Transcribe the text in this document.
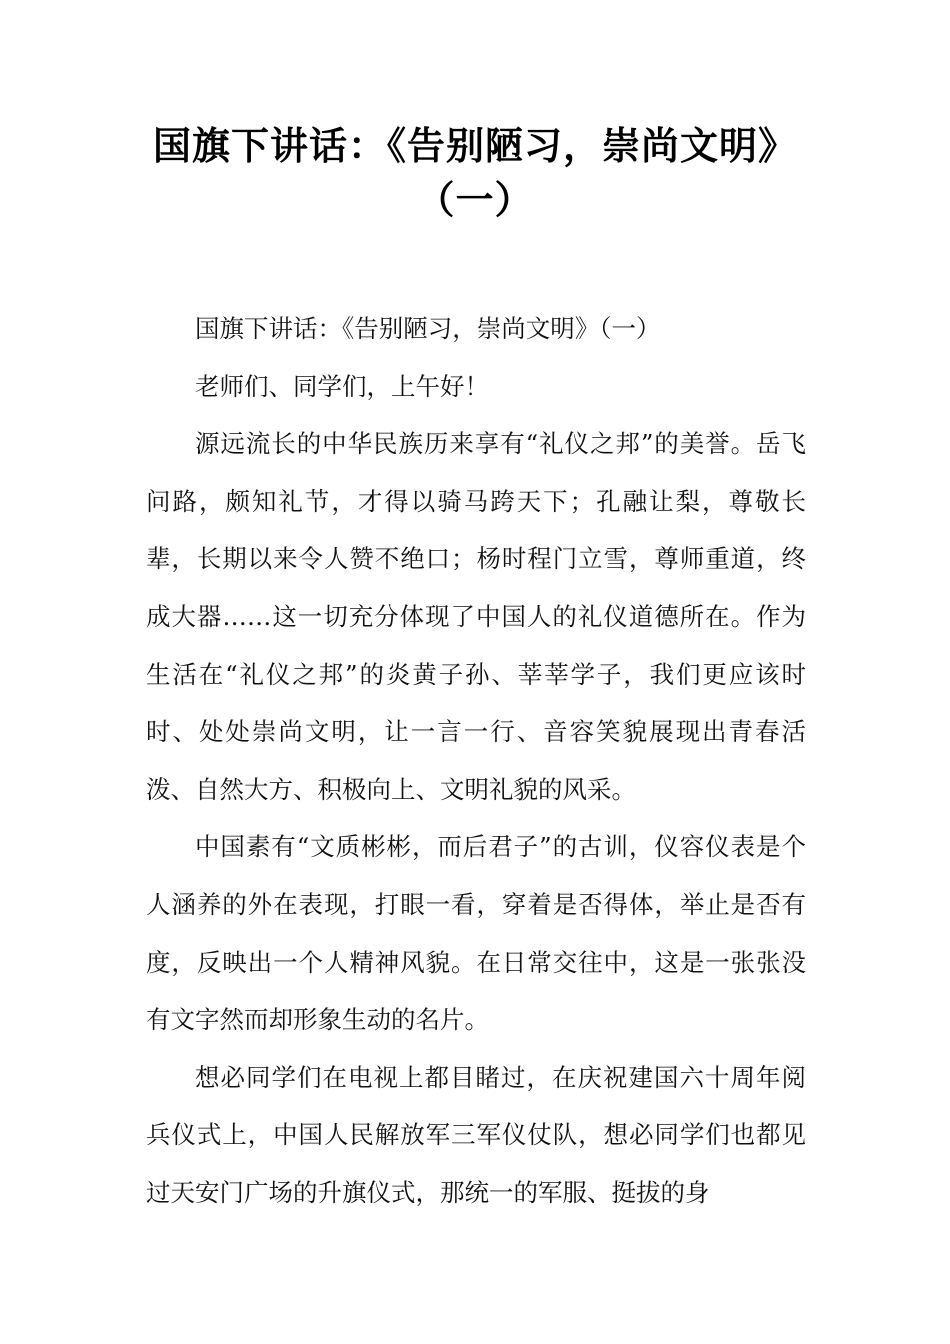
国旗下讲话：《告别陋习，崇尚文明》
（一）

国旗下讲话：《告别陋习，崇尚文明》（一）

老师们、同学们，上午好！

源远流长的中华民族历来享有“礼仪之邦”的美誉。岳飞问路，颇知礼节，才得以骑马跨天下；孔融让梨，尊敬长辈，长期以来令人赞不绝口；杨时程门立雪，尊师重道，终成大器……这一切充分体现了中国人的礼仪道德所在。作为生活在“礼仪之邦”的炎黄子孙、莘莘学子，我们更应该时时、处处崇尚文明，让一言一行、音容笑貌展现出青春活泼、自然大方、积极向上、文明礼貌的风采。

中国素有“文质彬彬，而后君子”的古训，仪容仪表是个人涵养的外在表现，打眼一看，穿着是否得体，举止是否有度，反映出一个人精神风貌。在日常交往中，这是一张张没有文字然而却形象生动的名片。

想必同学们在电视上都目睹过，在庆祝建国六十周年阅兵仪式上，中国人民解放军三军仪仗队，想必同学们也都见过天安门广场的升旗仪式，那统一的军服、挺拔的身
